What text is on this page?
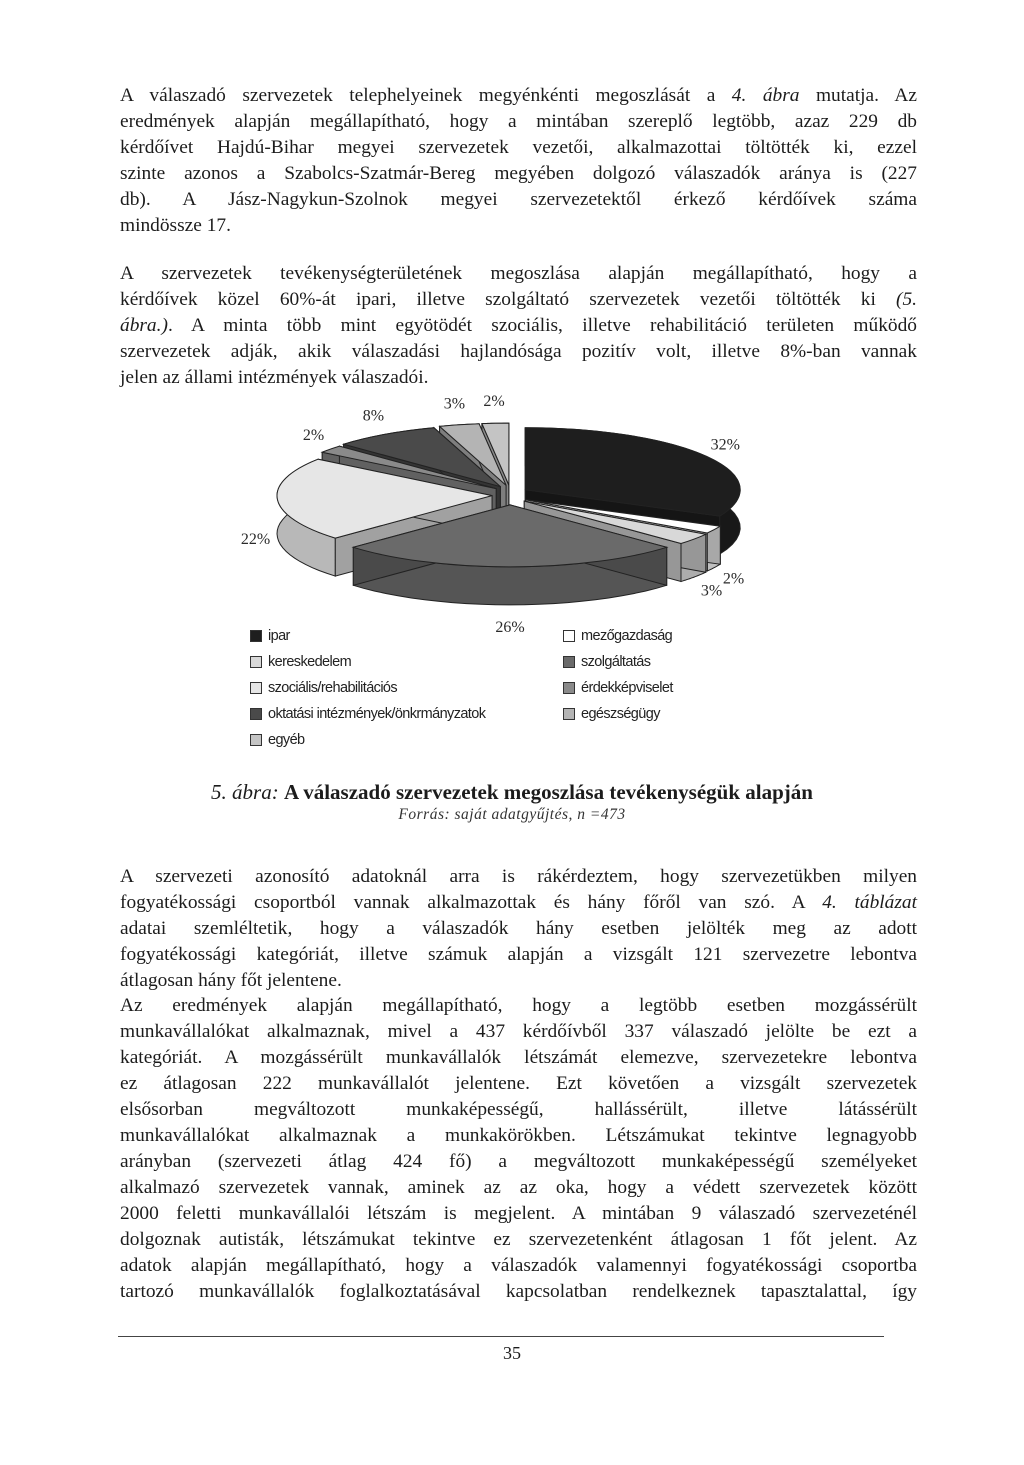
A válaszadó szervezetek telephelyeinek megyénkénti megoszlását a 4. ábra mutatja. Az
eredmények alapján megállapítható, hogy a mintában szereplő legtöbb, azaz 229 db
kérdőívet Hajdú-Bihar megyei szervezetek vezetői, alkalmazottai töltötték ki, ezzel
szinte azonos a Szabolcs-Szatmár-Bereg megyében dolgozó válaszadók aránya is (227
db). A Jász-Nagykun-Szolnok megyei szervezetektől érkező kérdőívek száma
mindössze 17.
A szervezetek tevékenységterületének megoszlása alapján megállapítható, hogy a
kérdőívek közel 60%-át ipari, illetve szolgáltató szervezetek vezetői töltötték ki (5.
ábra.). A minta több mint egyötödét szociális, illetve rehabilitáció területen működő
szervezetek adják, akik válaszadási hajlandósága pozitív volt, illetve 8%-ban vannak
jelen az állami intézmények válaszadói.
32%
2%
3%
26%
22%
2%
8%
3% 2%
ipar
kereskedelem
szociális/rehabilitációs
oktatási intézmények/önkrmányzatok
egyéb
mezőgazdaság
szolgáltatás
érdekképviselet
egészségügy
5. ábra: A válaszadó szervezetek megoszlása tevékenységük alapján
Forrás: saját adatgyűjtés, n =473
A szervezeti azonosító adatoknál arra is rákérdeztem, hogy szervezetükben milyen
fogyatékossági csoportból vannak alkalmazottak és hány főről van szó. A 4. táblázat
adatai szemléltetik, hogy a válaszadók hány esetben jelölték meg az adott
fogyatékossági kategóriát, illetve számuk alapján a vizsgált 121 szervezetre lebontva
átlagosan hány főt jelentene.
Az eredmények alapján megállapítható, hogy a legtöbb esetben mozgássérült
munkavállalókat alkalmaznak, mivel a 437 kérdőívből 337 válaszadó jelölte be ezt a
kategóriát. A mozgássérült munkavállalók létszámát elemezve, szervezetekre lebontva
ez átlagosan 222 munkavállalót jelentene. Ezt követően a vizsgált szervezetek
elsősorban megváltozott munkaképességű, hallássérült, illetve látássérült
munkavállalókat alkalmaznak a munkakörökben. Létszámukat tekintve legnagyobb
arányban (szervezeti átlag 424 fő) a megváltozott munkaképességű személyeket
alkalmazó szervezetek vannak, aminek az az oka, hogy a védett szervezetek között
2000 feletti munkavállalói létszám is megjelent. A mintában 9 válaszadó szervezeténél
dolgoznak autisták, létszámukat tekintve ez szervezetenként átlagosan 1 főt jelent. Az
adatok alapján megállapítható, hogy a válaszadók valamennyi fogyatékossági csoportba
tartozó munkavállalók foglalkoztatásával kapcsolatban rendelkeznek tapasztalattal, így
35
